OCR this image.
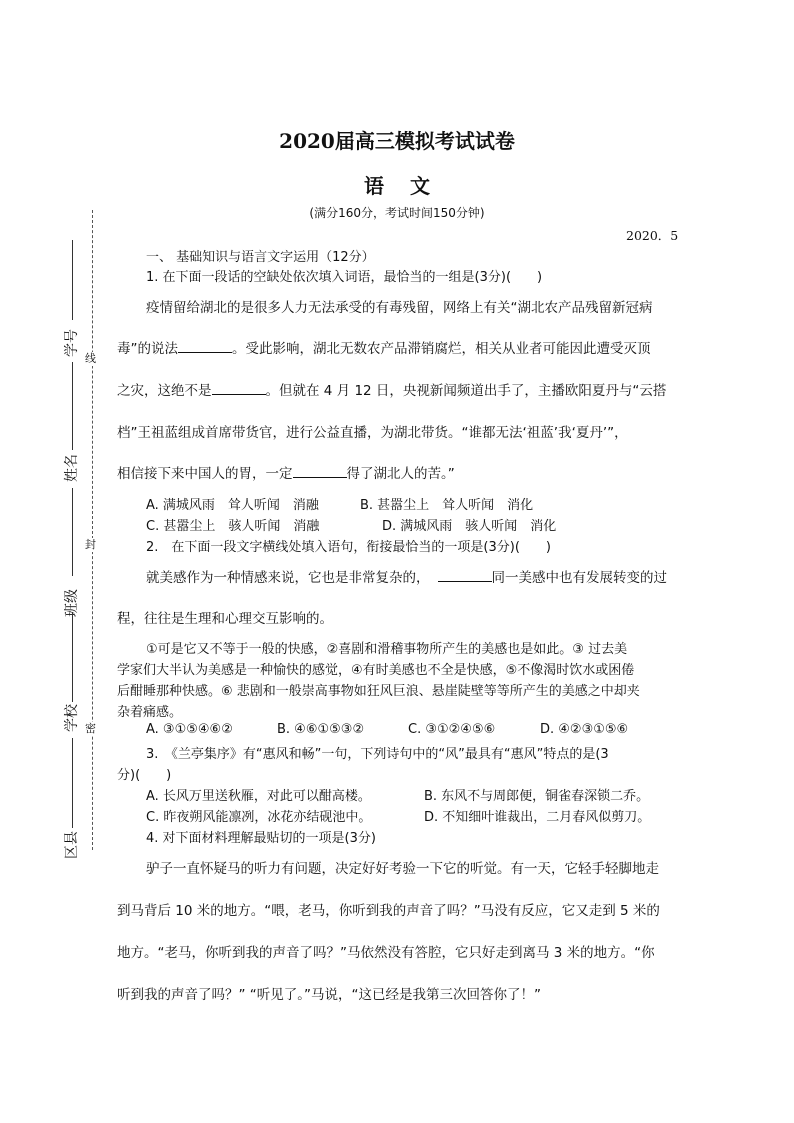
2020届高三模拟考试试卷
语文
(满分160分，考试时间150分钟)
2020．5
线
封
密
学号
姓名
班级
学校
区县
一、 基础知识与语言文字运用（12分）
1. 在下面一段话的空缺处依次填入词语，最恰当的一组是(3分)(　　)
疫情留给湖北的是很多人力无法承受的有毒残留，网络上有关“湖北农产品残留新冠病
毒”的说法	。受此影响，湖北无数农产品滞销腐烂，相关从业者可能因此遭受灭顶
之灾，这绝不是	。但就在 4 月 12 日，央视新闻频道出手了，主播欧阳夏丹与“云搭
档”王祖蓝组成首席带货官，进行公益直播，为湖北带货。“谁都无法‘祖蓝’我‘夏丹’”，
相信接下来中国人的胃，一定	得了湖北人的苦。”
A. 满城风雨　耸人听闻　消融	B. 甚嚣尘上　耸人听闻　消化
C. 甚嚣尘上　骇人听闻　消融	D. 满城风雨　骇人听闻　消化
2.　在下面一段文字横线处填入语句，衔接最恰当的一项是(3分)(　　)
就美感作为一种情感来说，它也是非常复杂的，	同一美感中也有发展转变的过
程，往往是生理和心理交互影响的。
①可是它又不等于一般的快感，②喜剧和滑稽事物所产生的美感也是如此。③ 过去美
学家们大半认为美感是一种愉快的感觉，④有时美感也不全是快感，⑤不像渴时饮水或困倦
后酣睡那种快感。⑥ 悲剧和一般崇高事物如狂风巨浪、悬崖陡壁等等所产生的美感之中却夹
杂着痛感。
A. ③①⑤④⑥②	B. ④⑥①⑤③②	C. ③①②④⑤⑥	D. ④②③①⑤⑥
3.　《兰亭集序》有“惠风和畅”一句，下列诗句中的“风”最具有“惠风”特点的是(3
分)(　　)
A. 长风万里送秋雁，对此可以酣高楼。	B. 东风不与周郎便，铜雀春深锁二乔。
C. 昨夜朔风能凛冽，冰花亦结砚池中。	D. 不知细叶谁裁出，二月春风似剪刀。
4. 对下面材料理解最贴切的一项是(3分)
驴子一直怀疑马的听力有问题，决定好好考验一下它的听觉。有一天，它轻手轻脚地走
到马背后 10 米的地方。“喂，老马，你听到我的声音了吗？”马没有反应，它又走到 5 米的
地方。“老马，你听到我的声音了吗？”马依然没有答腔，它只好走到离马 3 米的地方。“你
听到我的声音了吗？” “听见了。”马说，“这已经是我第三次回答你了！”
